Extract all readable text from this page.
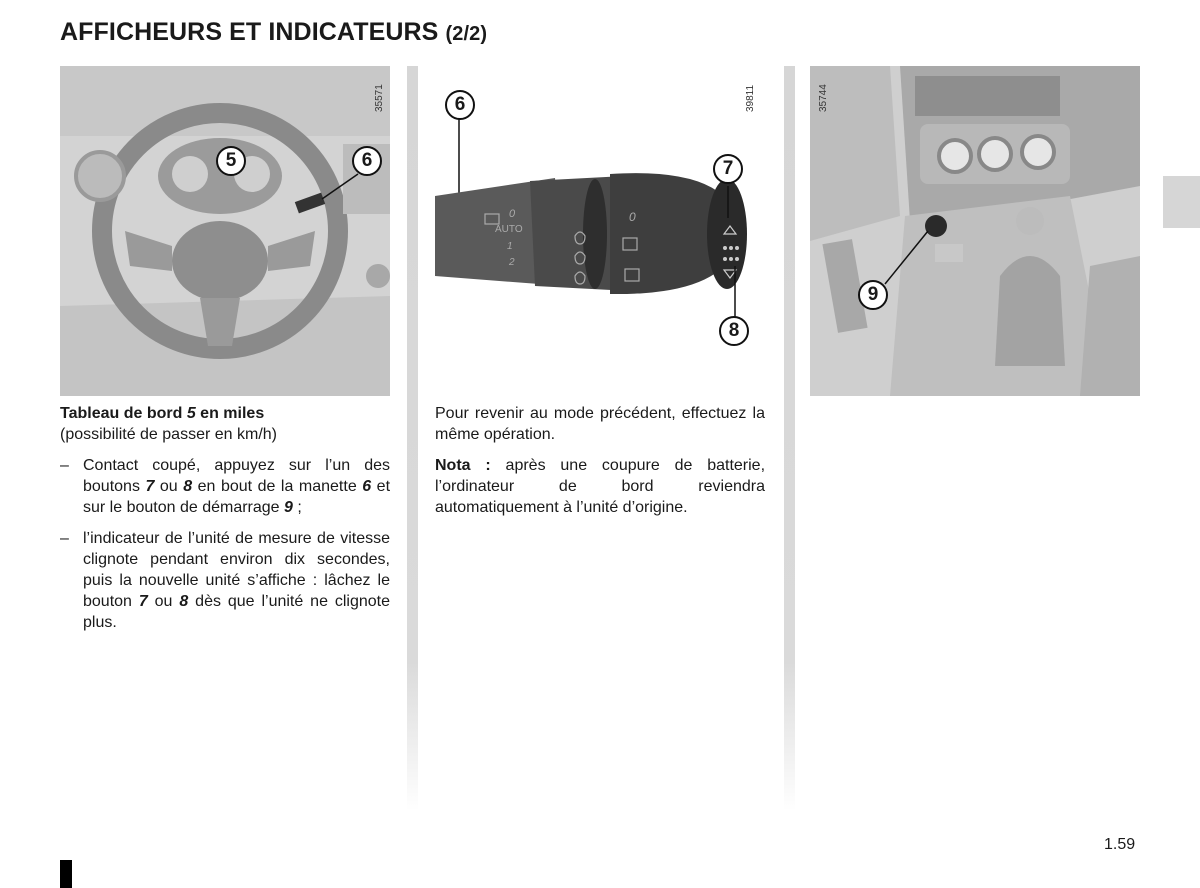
AFFICHEURS ET INDICATEURS (2/2)
35571
5	6
AUTO
0
1
2
0
39811
6
7
8
35744
9

Tableau de bord 5 en miles
(possibilité de passer en km/h)

– Contact coupé, appuyez sur l’un des boutons 7 ou 8 en bout de la manette 6 et sur le bouton de démarrage 9 ;
– l’indicateur de l’unité de mesure de vitesse clignote pendant environ dix secondes, puis la nouvelle unité s’affiche : lâchez le bouton 7 ou 8 dès que l’unité ne clignote plus.

Pour revenir au mode précédent, effectuez la même opération.

Nota : après une coupure de batterie, l’ordinateur de bord reviendra automatiquement à l’unité d’origine.

1.59
